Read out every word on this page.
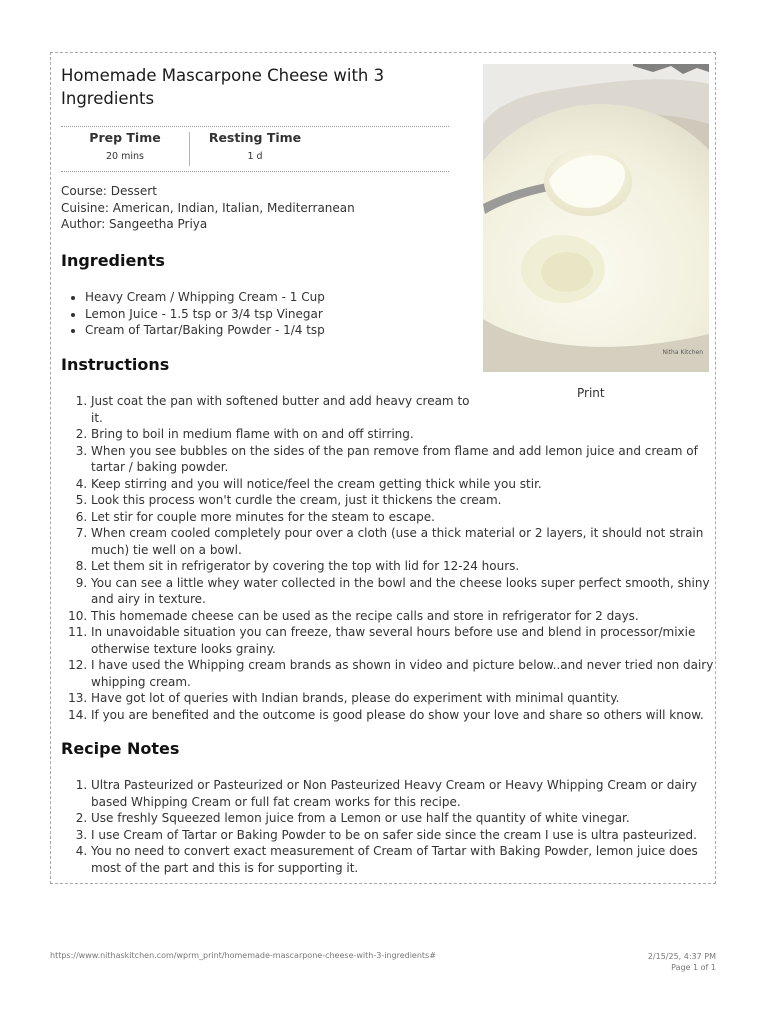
Homemade Mascarpone Cheese with 3 Ingredients
Prep Time
20 mins
Resting Time
1 d
Course: Dessert
Cuisine: American, Indian, Italian, Mediterranean
Author: Sangeetha Priya
Ingredients
• Heavy Cream / Whipping Cream - 1 Cup
• Lemon Juice - 1.5 tsp or 3/4 tsp Vinegar
• Cream of Tartar/Baking Powder - 1/4 tsp
Instructions
1. Just coat the pan with softened butter and add heavy cream to it.
2. Bring to boil in medium flame with on and off stirring.
3. When you see bubbles on the sides of the pan remove from flame and add lemon juice and cream of tartar / baking powder.
4. Keep stirring and you will notice/feel the cream getting thick while you stir.
5. Look this process won't curdle the cream, just it thickens the cream.
6. Let stir for couple more minutes for the steam to escape.
7. When cream cooled completely pour over a cloth (use a thick material or 2 layers, it should not strain much) tie well on a bowl.
8. Let them sit in refrigerator by covering the top with lid for 12-24 hours.
9. You can see a little whey water collected in the bowl and the cheese looks super perfect smooth, shiny and airy in texture.
10. This homemade cheese can be used as the recipe calls and store in refrigerator for 2 days.
11. In unavoidable situation you can freeze, thaw several hours before use and blend in processor/mixie otherwise texture looks grainy.
12. I have used the Whipping cream brands as shown in video and picture below..and never tried non dairy whipping cream.
13. Have got lot of queries with Indian brands, please do experiment with minimal quantity.
14. If you are benefited and the outcome is good please do show your love and share so others will know.
Recipe Notes
1. Ultra Pasteurized or Pasteurized or Non Pasteurized Heavy Cream or Heavy Whipping Cream or dairy based Whipping Cream or full fat cream works for this recipe.
2. Use freshly Squeezed lemon juice from a Lemon or use half the quantity of white vinegar.
3. I use Cream of Tartar or Baking Powder to be on safer side since the cream I use is ultra pasteurized.
4. You no need to convert exact measurement of Cream of Tartar with Baking Powder, lemon juice does most of the part and this is for supporting it.
Nitha Kitchen
Print
https://www.nithaskitchen.com/wprm_print/homemade-mascarpone-cheese-with-3-ingredients#	2/15/25, 4:37 PM
Page 1 of 1
